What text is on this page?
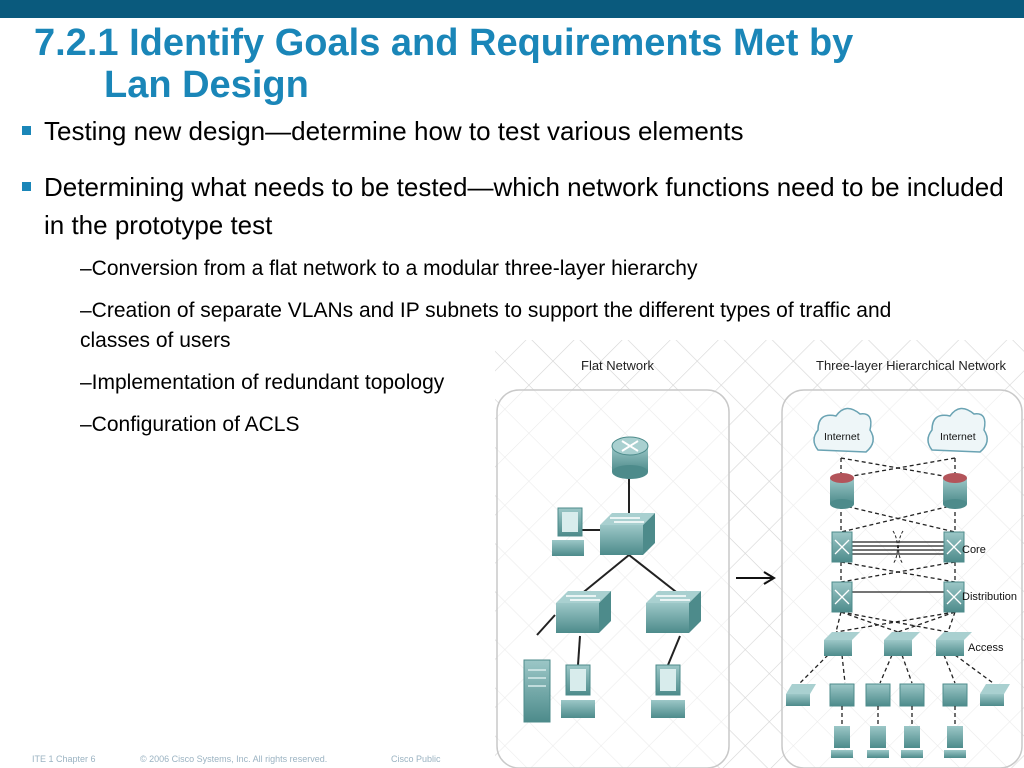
7.2.1 Identify Goals and Requirements Met by
Lan Design
Testing new design—determine how to test various elements
Determining what needs to be tested—which network functions need to be included in the prototype test
–Conversion from a flat network to a modular three-layer hierarchy
–Creation of separate VLANs and IP subnets to support the different types of traffic and classes of users
–Implementation of redundant topology
–Configuration of ACLS
Flat Network	Three-layer Hierarchical Network
Internet	Internet
Core
Distribution
Access
ITE 1 Chapter 6	© 2006 Cisco Systems, Inc. All rights reserved.	Cisco Public
